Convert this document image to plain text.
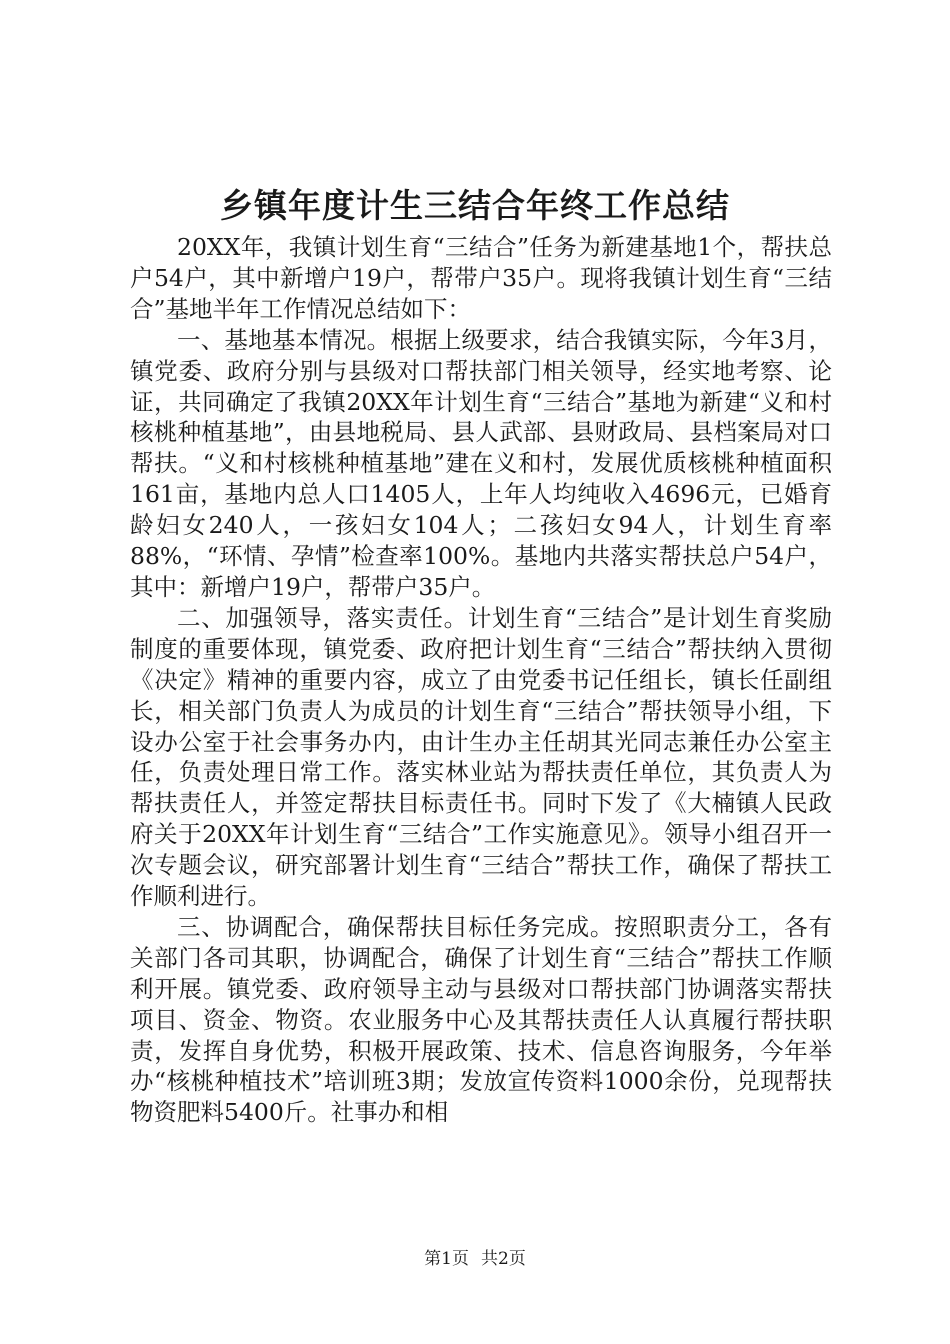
乡镇年度计生三结合年终工作总结

20XX年，我镇计划生育“三结合”任务为新建基地1个，帮扶总户54户，其中新增户19户，帮带户35户。现将我镇计划生育“三结合”基地半年工作情况总结如下：

一、基地基本情况。根据上级要求，结合我镇实际，今年3月，镇党委、政府分别与县级对口帮扶部门相关领导，经实地考察、论证，共同确定了我镇20XX年计划生育“三结合”基地为新建“义和村核桃种植基地”，由县地税局、县人武部、县财政局、县档案局对口帮扶。“义和村核桃种植基地”建在义和村，发展优质核桃种植面积161亩，基地内总人口1405人，上年人均纯收入4696元，已婚育龄妇女240人，一孩妇女104人；二孩妇女94人，计划生育率88%，“环情、孕情”检查率100%。基地内共落实帮扶总户54户，其中：新增户19户，帮带户35户。

二、加强领导，落实责任。计划生育“三结合”是计划生育奖励制度的重要体现，镇党委、政府把计划生育“三结合”帮扶纳入贯彻《决定》精神的重要内容，成立了由党委书记任组长，镇长任副组长，相关部门负责人为成员的计划生育“三结合”帮扶领导小组，下设办公室于社会事务办内，由计生办主任胡其光同志兼任办公室主任，负责处理日常工作。落实林业站为帮扶责任单位，其负责人为帮扶责任人，并签定帮扶目标责任书。同时下发了《大楠镇人民政府关于20XX年计划生育“三结合”工作实施意见》。领导小组召开一次专题会议，研究部署计划生育“三结合”帮扶工作，确保了帮扶工作顺利进行。

三、协调配合，确保帮扶目标任务完成。按照职责分工，各有关部门各司其职，协调配合，确保了计划生育“三结合”帮扶工作顺利开展。镇党委、政府领导主动与县级对口帮扶部门协调落实帮扶项目、资金、物资。农业服务中心及其帮扶责任人认真履行帮扶职责，发挥自身优势，积极开展政策、技术、信息咨询服务，今年举办“核桃种植技术”培训班3期；发放宣传资料1000余份，兑现帮扶物资肥料5400斤。社事办和相

第1页 共2页
